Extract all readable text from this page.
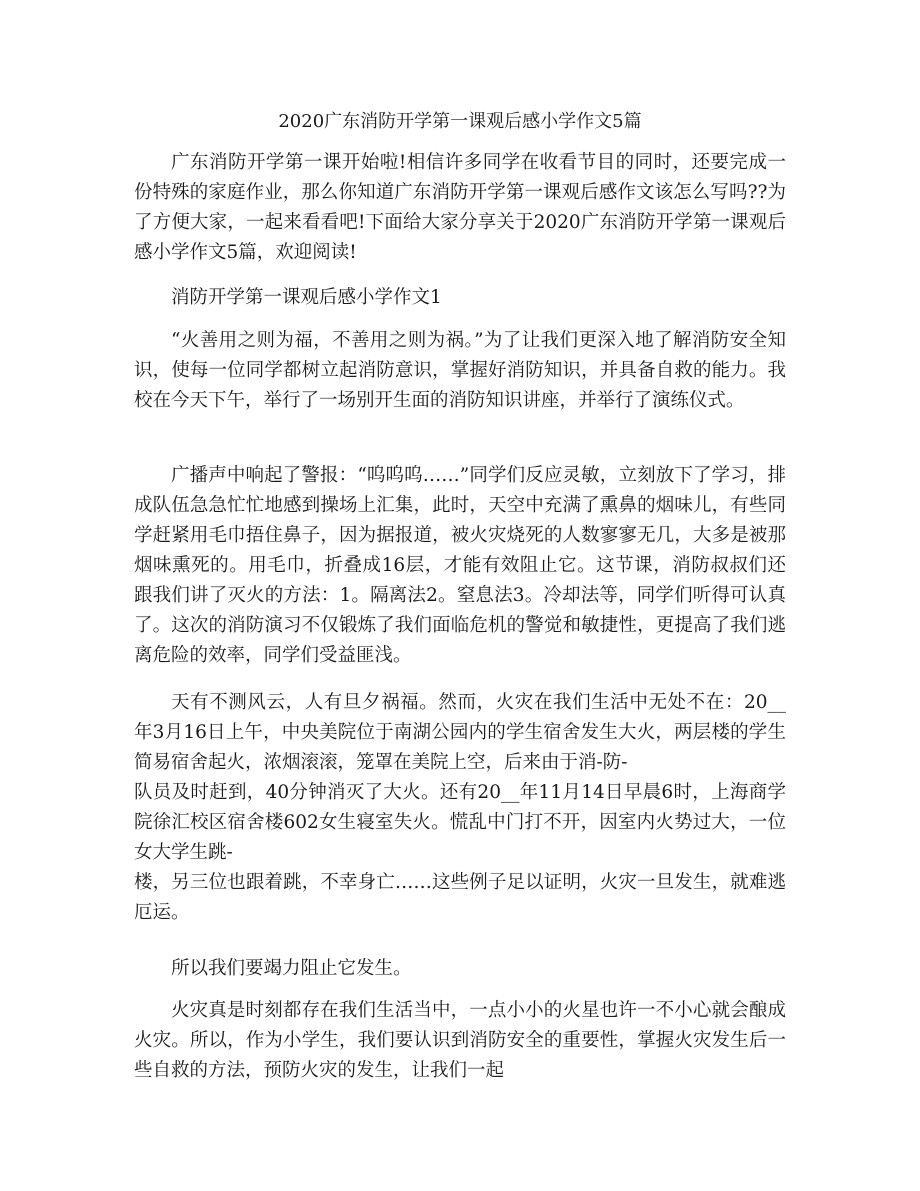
2020广东消防开学第一课观后感小学作文5篇

广东消防开学第一课开始啦!相信许多同学在收看节目的同时，还要完成一份特殊的家庭作业，那么你知道广东消防开学第一课观后感作文该怎么写吗??为了方便大家，一起来看看吧!下面给大家分享关于2020广东消防开学第一课观后感小学作文5篇，欢迎阅读!

消防开学第一课观后感小学作文1

“火善用之则为福，不善用之则为祸。”为了让我们更深入地了解消防安全知识，使每一位同学都树立起消防意识，掌握好消防知识，并具备自救的能力。我校在今天下午，举行了一场别开生面的消防知识讲座，并举行了演练仪式。

广播声中响起了警报：“呜呜呜……”同学们反应灵敏，立刻放下了学习，排成队伍急急忙忙地感到操场上汇集，此时，天空中充满了熏鼻的烟味儿，有些同学赶紧用毛巾捂住鼻子，因为据报道，被火灾烧死的人数寥寥无几，大多是被那烟味熏死的。用毛巾，折叠成16层，才能有效阻止它。这节课，消防叔叔们还跟我们讲了灭火的方法：1。隔离法2。窒息法3。冷却法等，同学们听得可认真了。这次的消防演习不仅锻炼了我们面临危机的警觉和敏捷性，更提高了我们逃离危险的效率，同学们受益匪浅。

天有不测风云，人有旦夕祸福。然而，火灾在我们生活中无处不在：20__年3月16日上午，中央美院位于南湖公园内的学生宿舍发生大火，两层楼的学生简易宿舍起火，浓烟滚滚，笼罩在美院上空，后来由于消-防-
队员及时赶到，40分钟消灭了大火。还有20__年11月14日早晨6时，上海商学院徐汇校区宿舍楼602女生寝室失火。慌乱中门打不开，因室内火势过大，一位女大学生跳-
楼，另三位也跟着跳，不幸身亡……这些例子足以证明，火灾一旦发生，就难逃厄运。

所以我们要竭力阻止它发生。

火灾真是时刻都存在我们生活当中，一点小小的火星也许一不小心就会酿成火灾。所以，作为小学生，我们要认识到消防安全的重要性，掌握火灾发生后一些自救的方法，预防火灾的发生，让我们一起
